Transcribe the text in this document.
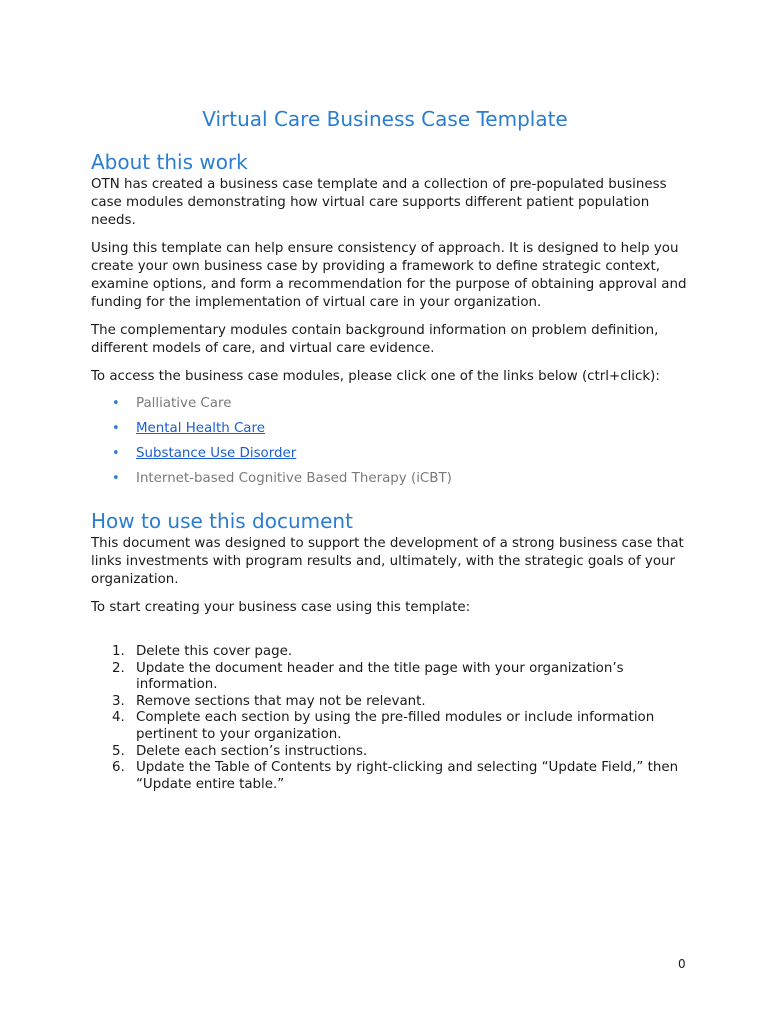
Virtual Care Business Case Template
About this work

OTN has created a business case template and a collection of pre-populated business case modules demonstrating how virtual care supports different patient population needs.

Using this template can help ensure consistency of approach. It is designed to help you create your own business case by providing a framework to define strategic context, examine options, and form a recommendation for the purpose of obtaining approval and funding for the implementation of virtual care in your organization.

The complementary modules contain background information on problem definition, different models of care, and virtual care evidence.

To access the business case modules, please click one of the links below (ctrl+click):

• Palliative Care
• Mental Health Care
• Substance Use Disorder
• Internet-based Cognitive Based Therapy (iCBT)
How to use this document

This document was designed to support the development of a strong business case that links investments with program results and, ultimately, with the strategic goals of your organization.

To start creating your business case using this template:

1. Delete this cover page.
2. Update the document header and the title page with your organization’s information.
3. Remove sections that may not be relevant.
4. Complete each section by using the pre-filled modules or include information pertinent to your organization.
5. Delete each section’s instructions.
6. Update the Table of Contents by right-clicking and selecting “Update Field,” then “Update entire table.”
0
